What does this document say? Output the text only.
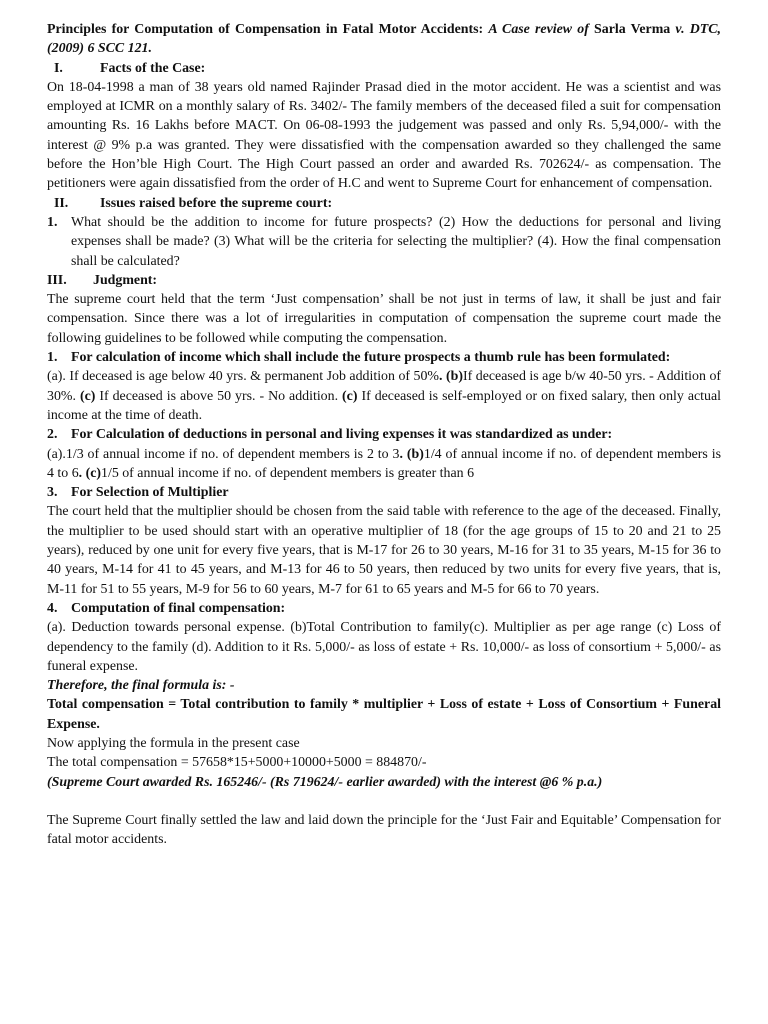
Principles for Computation of Compensation in Fatal Motor Accidents: A Case review of Sarla Verma v. DTC, (2009) 6 SCC 121.

I.	Facts of the Case:

On 18-04-1998 a man of 38 years old named Rajinder Prasad died in the motor accident. He was a scientist and was employed at ICMR on a monthly salary of Rs. 3402/- The family members of the deceased filed a suit for compensation amounting Rs. 16 Lakhs before MACT. On 06-08-1993 the judgement was passed and only Rs. 5,94,000/- with the interest @ 9% p.a was granted. They were dissatisfied with the compensation awarded so they challenged the same before the Hon’ble High Court. The High Court passed an order and awarded Rs. 702624/- as compensation. The petitioners were again dissatisfied from the order of H.C and went to Supreme Court for enhancement of compensation.

II. Issues raised before the supreme court:

1. What should be the addition to income for future prospects? (2) How the deductions for personal and living expenses shall be made? (3) What will be the criteria for selecting the multiplier? (4). How the final compensation shall be calculated?

III. Judgment:

The supreme court held that the term ‘Just compensation’ shall be not just in terms of law, it shall be just and fair compensation. Since there was a lot of irregularities in computation of compensation the supreme court made the following guidelines to be followed while computing the compensation.

1. For calculation of income which shall include the future prospects a thumb rule has been formulated:

(a). If deceased is age below 40 yrs. & permanent Job addition of 50%. (b)If deceased is age b/w 40-50 yrs. - Addition of 30%. (c) If deceased is above 50 yrs. - No addition. (c) If deceased is self-employed or on fixed salary, then only actual income at the time of death.

2. For Calculation of deductions in personal and living expenses it was standardized as under:

(a).1/3 of annual income if no. of dependent members is 2 to 3. (b)1/4 of annual income if no. of dependent members is 4 to 6. (c)1/5 of annual income if no. of dependent members is greater than 6

3. For Selection of Multiplier

The court held that the multiplier should be chosen from the said table with reference to the age of the deceased. Finally, the multiplier to be used should start with an operative multiplier of 18 (for the age groups of 15 to 20 and 21 to 25 years), reduced by one unit for every five years, that is M-17 for 26 to 30 years, M-16 for 31 to 35 years, M-15 for 36 to 40 years, M-14 for 41 to 45 years, and M-13 for 46 to 50 years, then reduced by two units for every five years, that is, M-11 for 51 to 55 years, M-9 for 56 to 60 years, M-7 for 61 to 65 years and M-5 for 66 to 70 years.

4. Computation of final compensation:

(a). Deduction towards personal expense. (b)Total Contribution to family(c). Multiplier as per age range (c) Loss of dependency to the family (d). Addition to it Rs. 5,000/- as loss of estate + Rs. 10,000/- as loss of consortium + 5,000/- as funeral expense.

Therefore, the final formula is: -

Total compensation = Total contribution to family * multiplier + Loss of estate + Loss of Consortium + Funeral Expense.

Now applying the formula in the present case

The total compensation = 57658*15+5000+10000+5000 = 884870/-

(Supreme Court awarded Rs. 165246/- (Rs 719624/- earlier awarded) with the interest @6 % p.a.)

The Supreme Court finally settled the law and laid down the principle for the ‘Just Fair and Equitable’ Compensation for fatal motor accidents.
